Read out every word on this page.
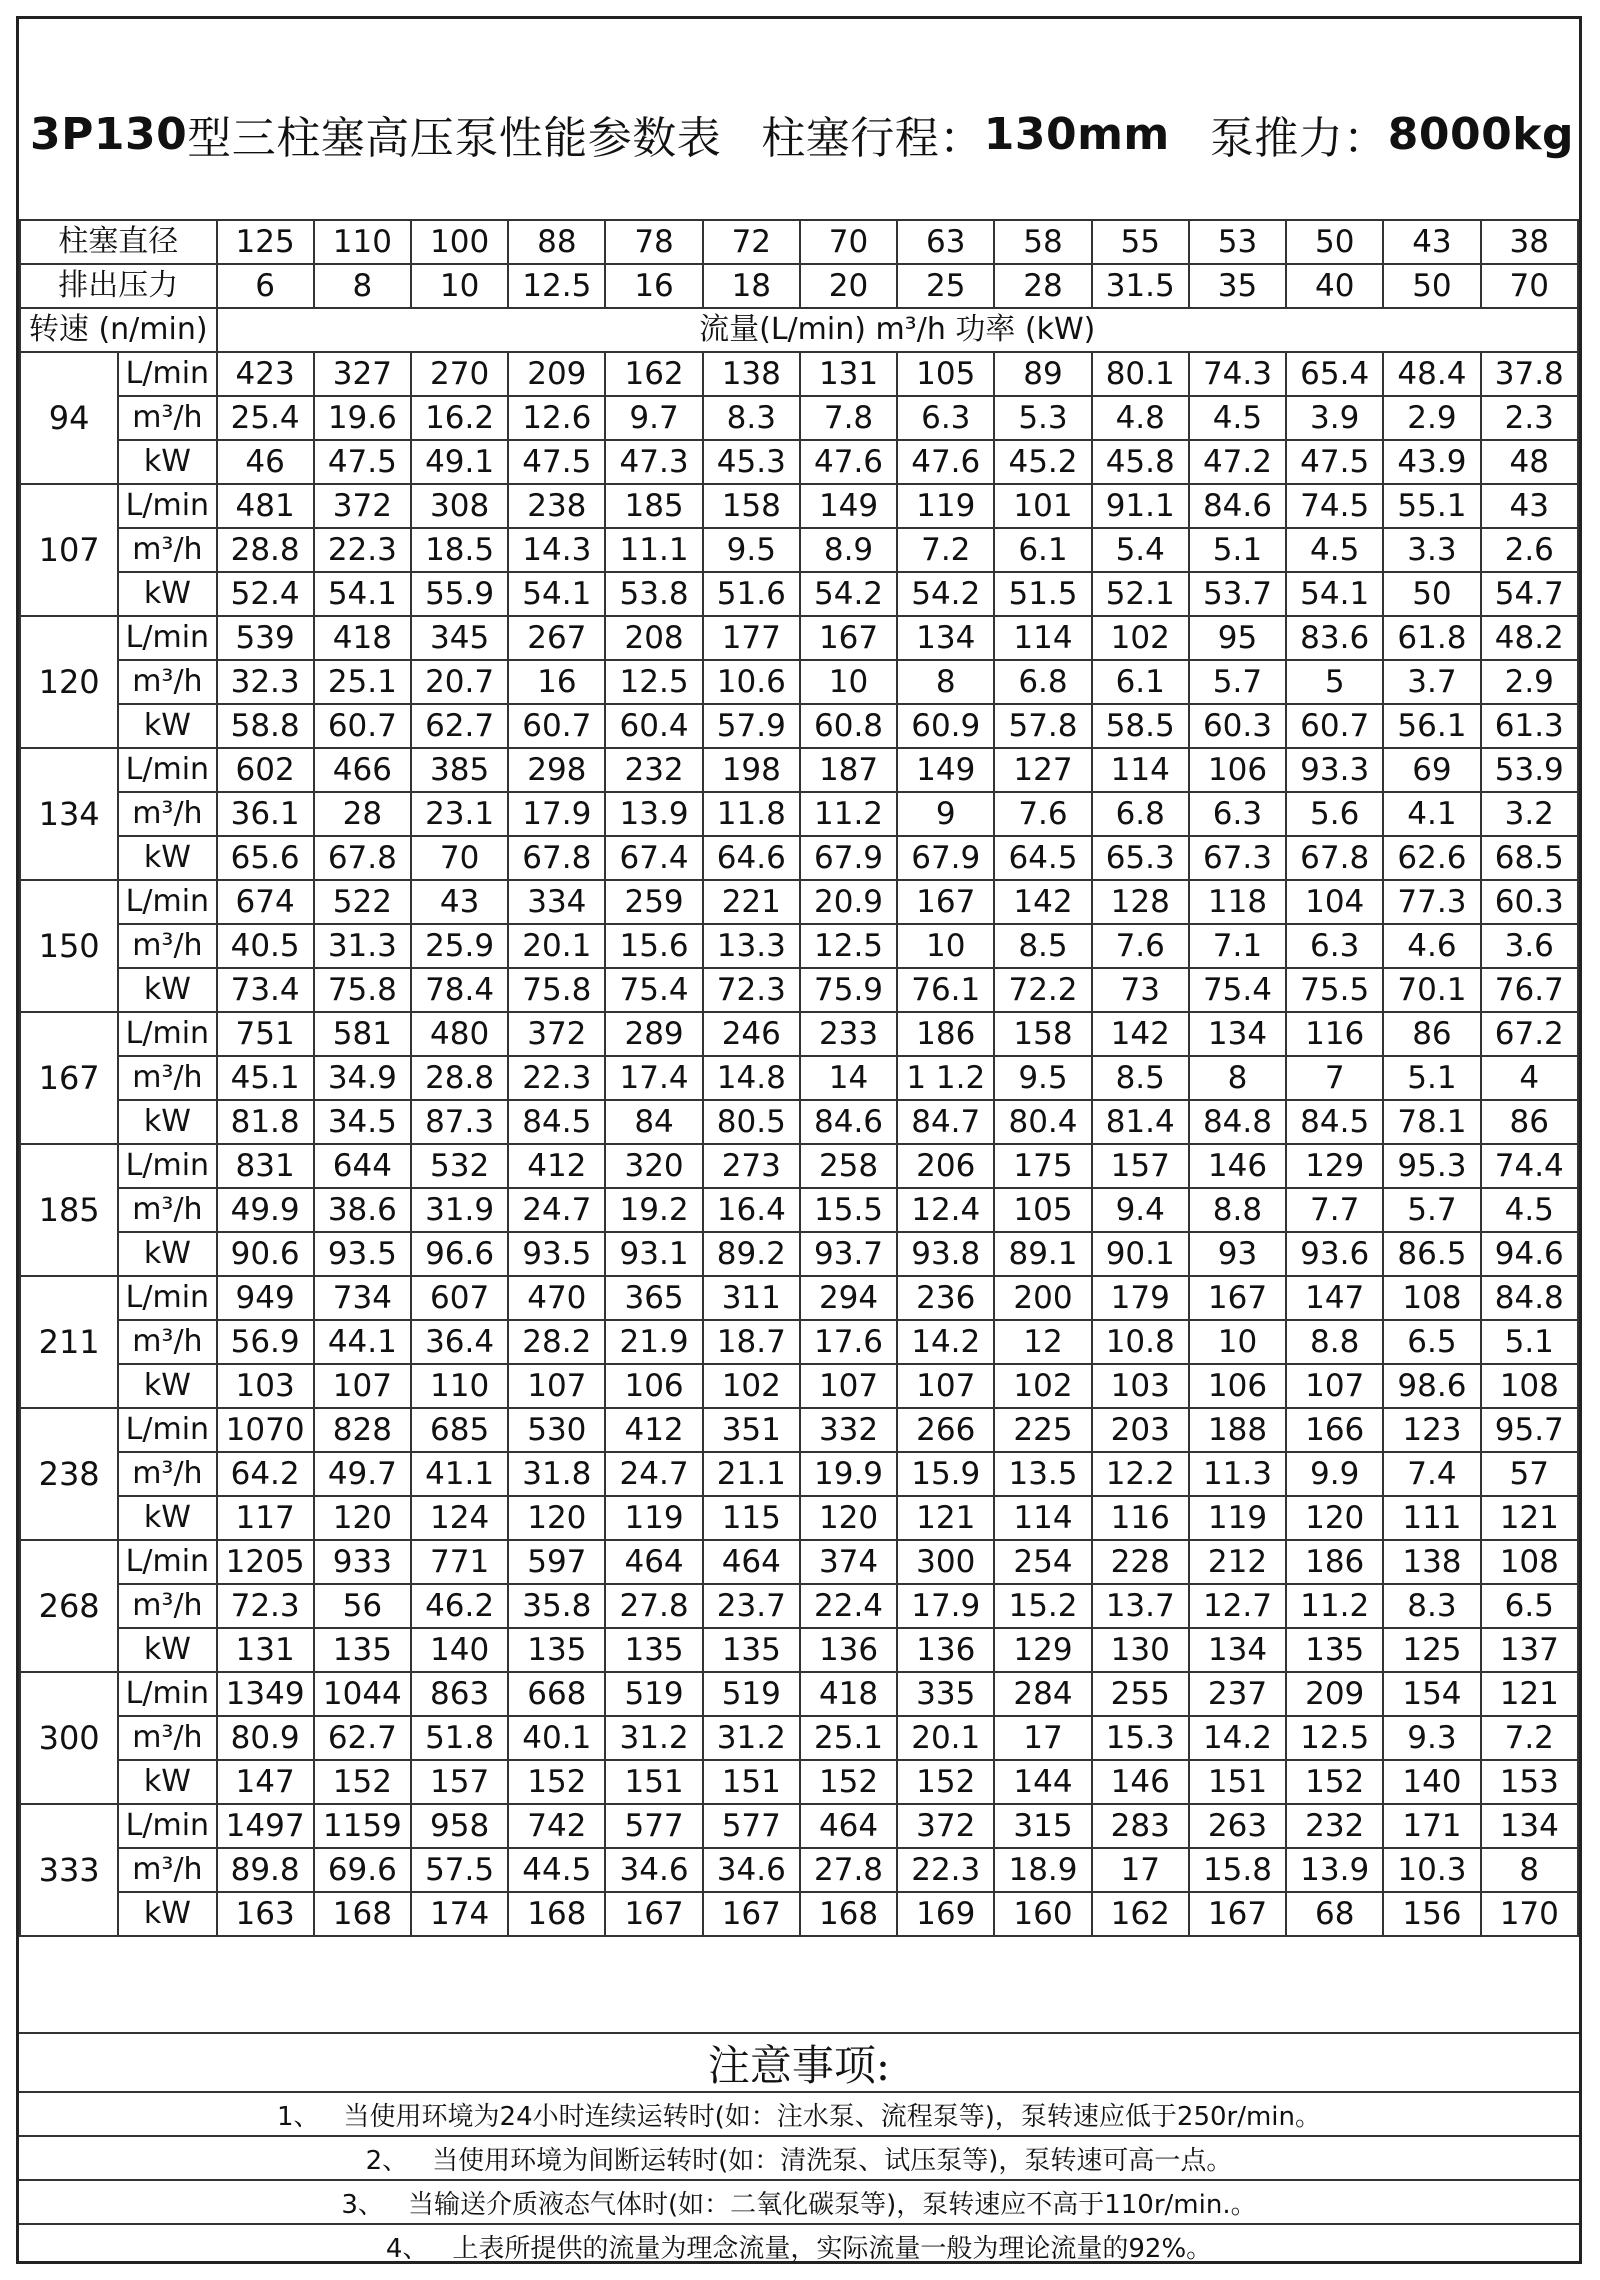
3P130 型三柱塞高压泵性能参数表 柱塞行程： 130mm 泵推力： 8000kg
柱塞直径		125	110	100	88	78	72	70	63	58	55	53	50	43	38
排出压力		6	8	10	12.5	16	18	20	25	28	31.5	35	40	50	70
转速 (n/min)		流量(L/min) m³/h 功率 (kW)													
94	L/min	423	327	270	209	162	138	131	105	89	80.1	74.3	65.4	48.4	37.8
	m³/h	25.4	19.6	16.2	12.6	9.7	8.3	7.8	6.3	5.3	4.8	4.5	3.9	2.9	2.3
	kW	46	47.5	49.1	47.5	47.3	45.3	47.6	47.6	45.2	45.8	47.2	47.5	43.9	48
107	L/min	481	372	308	238	185	158	149	119	101	91.1	84.6	74.5	55.1	43
	m³/h	28.8	22.3	18.5	14.3	11.1	9.5	8.9	7.2	6.1	5.4	5.1	4.5	3.3	2.6
	kW	52.4	54.1	55.9	54.1	53.8	51.6	54.2	54.2	51.5	52.1	53.7	54.1	50	54.7
120	L/min	539	418	345	267	208	177	167	134	114	102	95	83.6	61.8	48.2
	m³/h	32.3	25.1	20.7	16	12.5	10.6	10	8	6.8	6.1	5.7	5	3.7	2.9
	kW	58.8	60.7	62.7	60.7	60.4	57.9	60.8	60.9	57.8	58.5	60.3	60.7	56.1	61.3
134	L/min	602	466	385	298	232	198	187	149	127	114	106	93.3	69	53.9
	m³/h	36.1	28	23.1	17.9	13.9	11.8	11.2	9	7.6	6.8	6.3	5.6	4.1	3.2
	kW	65.6	67.8	70	67.8	67.4	64.6	67.9	67.9	64.5	65.3	67.3	67.8	62.6	68.5
150	L/min	674	522	43	334	259	221	20.9	167	142	128	118	104	77.3	60.3
	m³/h	40.5	31.3	25.9	20.1	15.6	13.3	12.5	10	8.5	7.6	7.1	6.3	4.6	3.6
	kW	73.4	75.8	78.4	75.8	75.4	72.3	75.9	76.1	72.2	73	75.4	75.5	70.1	76.7
167	L/min	751	581	480	372	289	246	233	186	158	142	134	116	86	67.2
	m³/h	45.1	34.9	28.8	22.3	17.4	14.8	14	1 1.2	9.5	8.5	8	7	5.1	4
	kW	81.8	34.5	87.3	84.5	84	80.5	84.6	84.7	80.4	81.4	84.8	84.5	78.1	86
185	L/min	831	644	532	412	320	273	258	206	175	157	146	129	95.3	74.4
	m³/h	49.9	38.6	31.9	24.7	19.2	16.4	15.5	12.4	105	9.4	8.8	7.7	5.7	4.5
	kW	90.6	93.5	96.6	93.5	93.1	89.2	93.7	93.8	89.1	90.1	93	93.6	86.5	94.6
211	L/min	949	734	607	470	365	311	294	236	200	179	167	147	108	84.8
	m³/h	56.9	44.1	36.4	28.2	21.9	18.7	17.6	14.2	12	10.8	10	8.8	6.5	5.1
	kW	103	107	110	107	106	102	107	107	102	103	106	107	98.6	108
238	L/min	1070	828	685	530	412	351	332	266	225	203	188	166	123	95.7
	m³/h	64.2	49.7	41.1	31.8	24.7	21.1	19.9	15.9	13.5	12.2	11.3	9.9	7.4	57
	kW	117	120	124	120	119	115	120	121	114	116	119	120	111	121
268	L/min	1205	933	771	597	464	464	374	300	254	228	212	186	138	108
	m³/h	72.3	56	46.2	35.8	27.8	23.7	22.4	17.9	15.2	13.7	12.7	11.2	8.3	6.5
	kW	131	135	140	135	135	135	136	136	129	130	134	135	125	137
300	L/min	1349	1044	863	668	519	519	418	335	284	255	237	209	154	121
	m³/h	80.9	62.7	51.8	40.1	31.2	31.2	25.1	20.1	17	15.3	14.2	12.5	9.3	7.2
	kW	147	152	157	152	151	151	152	152	144	146	151	152	140	153
333	L/min	1497	1159	958	742	577	577	464	372	315	283	263	232	171	134
	m³/h	89.8	69.6	57.5	44.5	34.6	34.6	27.8	22.3	18.9	17	15.8	13.9	10.3	8
	kW	163	168	174	168	167	167	168	169	160	162	167	68	156	170
注意事项:
1、 当使用环境为24小时连续运转时(如：注水泵、流程泵等)，泵转速应低于250r/min。
2、 当使用环境为间断运转时(如：清洗泵、试压泵等)，泵转速可高一点。
3、 当输送介质液态气体时(如：二氧化碳泵等)，泵转速应不高于110r/min.。
4、 上表所提供的流量为理念流量，实际流量一般为理论流量的92%。
